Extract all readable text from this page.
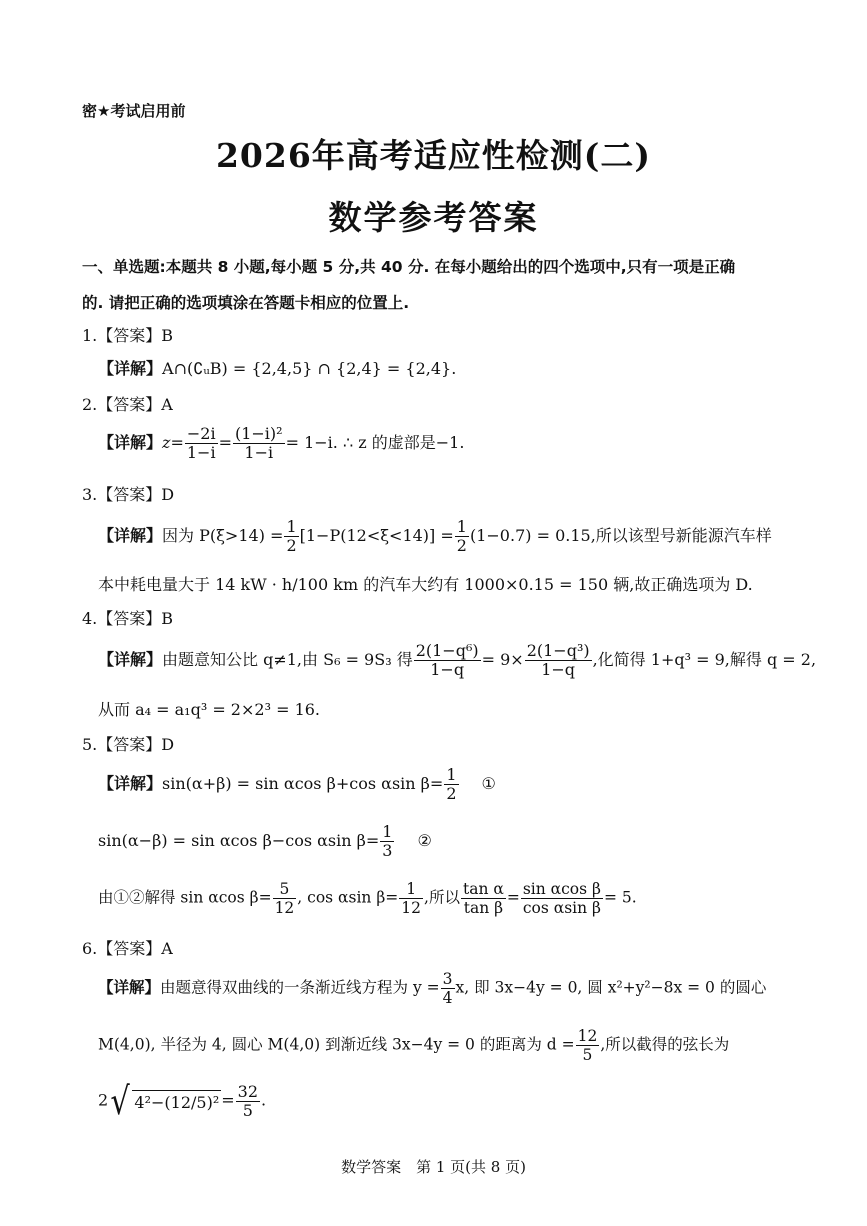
密★考试启用前
2026年高考适应性检测(二)
数学参考答案
一、单选题:本题共 8 小题,每小题 5 分,共 40 分. 在每小题给出的四个选项中,只有一项是正确
的. 请把正确的选项填涂在答题卡相应的位置上.
1.【答案】B
【详解】A∩(∁ᵤB) = {2,4,5} ∩ {2,4} = {2,4}.
2.【答案】A
【详解】$z= \frac{-2i}{1-i} = \frac{\text{(1−i)²}}{1-i} = 1-i$. ∴ z 的虚部是−1.
3.【答案】D
【详解】因为 $P(\xi>14) = \frac{1}{2} [1-P(12<\xi<14)] = \frac{1}{2} (1-0.7) = 0.15$,所以该型号新能源汽车样
本中耗电量大于 14 kW · h/100 km 的汽车大约有 1000×0.15 = 150 辆,故正确选项为 D.
4.【答案】B
【详解】由题意知公比 q≠1,由 S₆ = 9S₃ 得 $\frac{\text{2(1−q⁶)}}{1-q} = 9\times \frac{\text{2(1−q³)}}{1-q}$ ,化简得 1+q³ = 9,解得 q = 2,
从而 a₄ = a₁q³ = 2×2³ = 16.
5.【答案】D
【详解】sin(α+β) = sin αcos β+cos αsin $\beta= \frac{1}{2}$ ①
sin(α−β) = sin αcos β−cos αsin $\beta= \frac{1}{3}$ ②
由①②解得 sin αcos $\beta= \frac{5}{12}$ , cos αsin $\beta= \frac{1}{12}$ ,所以 $\frac{\text{tan α}}{\text{tan β}} = \frac{\text{sin αcos β}}{\text{cos αsin β}} = 5$.
6.【答案】A
【详解】由题意得双曲线的一条渐近线方程为 $y = \frac{3}{4} x$, 即 3x−4y = 0, 圆 x²+y²−8x = 0 的圆心
M(4,0), 半径为 4, 圆心 M(4,0) 到渐近线 3x−4y = 0 的距离为 $d = \frac{12}{5}$ ,所以截得的弦长为
2√ $4^2-(12/5)^2 = \frac{32}{5}$ .
数学答案　第 1 页(共 8 页)
